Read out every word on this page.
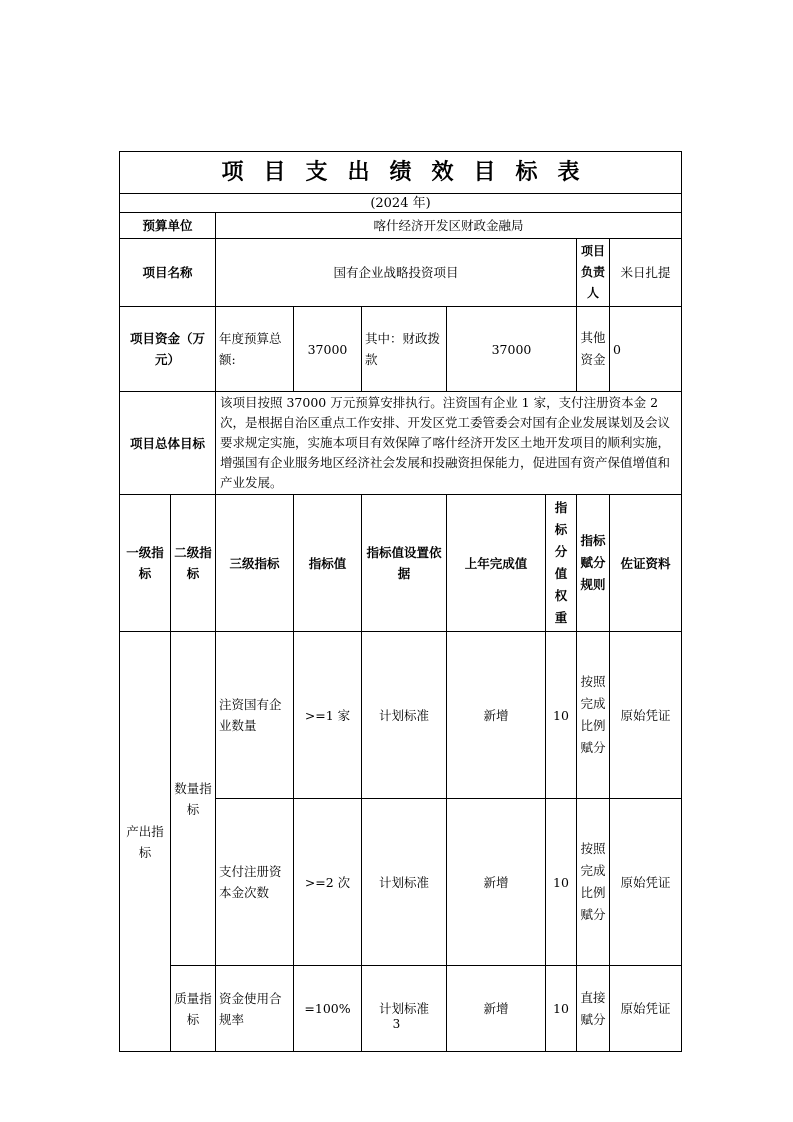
项目支出绩效目标表								
(2024 年)								
预算单位		喀什经济开发区财政金融局						
项目名称		国有企业战略投资项目					项目负责人	米日扎提
项目资金（万元）		年度预算总额:	37000	其中：财政拨款	37000		其他资金	0
项目总体目标		该项目按照 37000 万元预算安排执行。注资国有企业 1 家，支付注册资本金 2 次，是根据自治区重点工作安排、开发区党工委管委会对国有企业发展谋划及会议要求规定实施，实施本项目有效保障了喀什经济开发区土地开发项目的顺利实施，增强国有企业服务地区经济社会发展和投融资担保能力，促进国有资产保值增值和产业发展。						
一级指标	二级指标	三级指标	指标值	指标值设置依据	上年完成值	指标分值权重	指标赋分规则	佐证资料
产出指标	数量指标	注资国有企业数量	>=1 家	计划标准	新增	10	按照完成比例赋分	原始凭证
		支付注册资本金次数	>=2 次	计划标准	新增	10	按照完成比例赋分	原始凭证
	质量指标	资金使用合规率	=100%	计划标准	新增	10	直接赋分	原始凭证
3
